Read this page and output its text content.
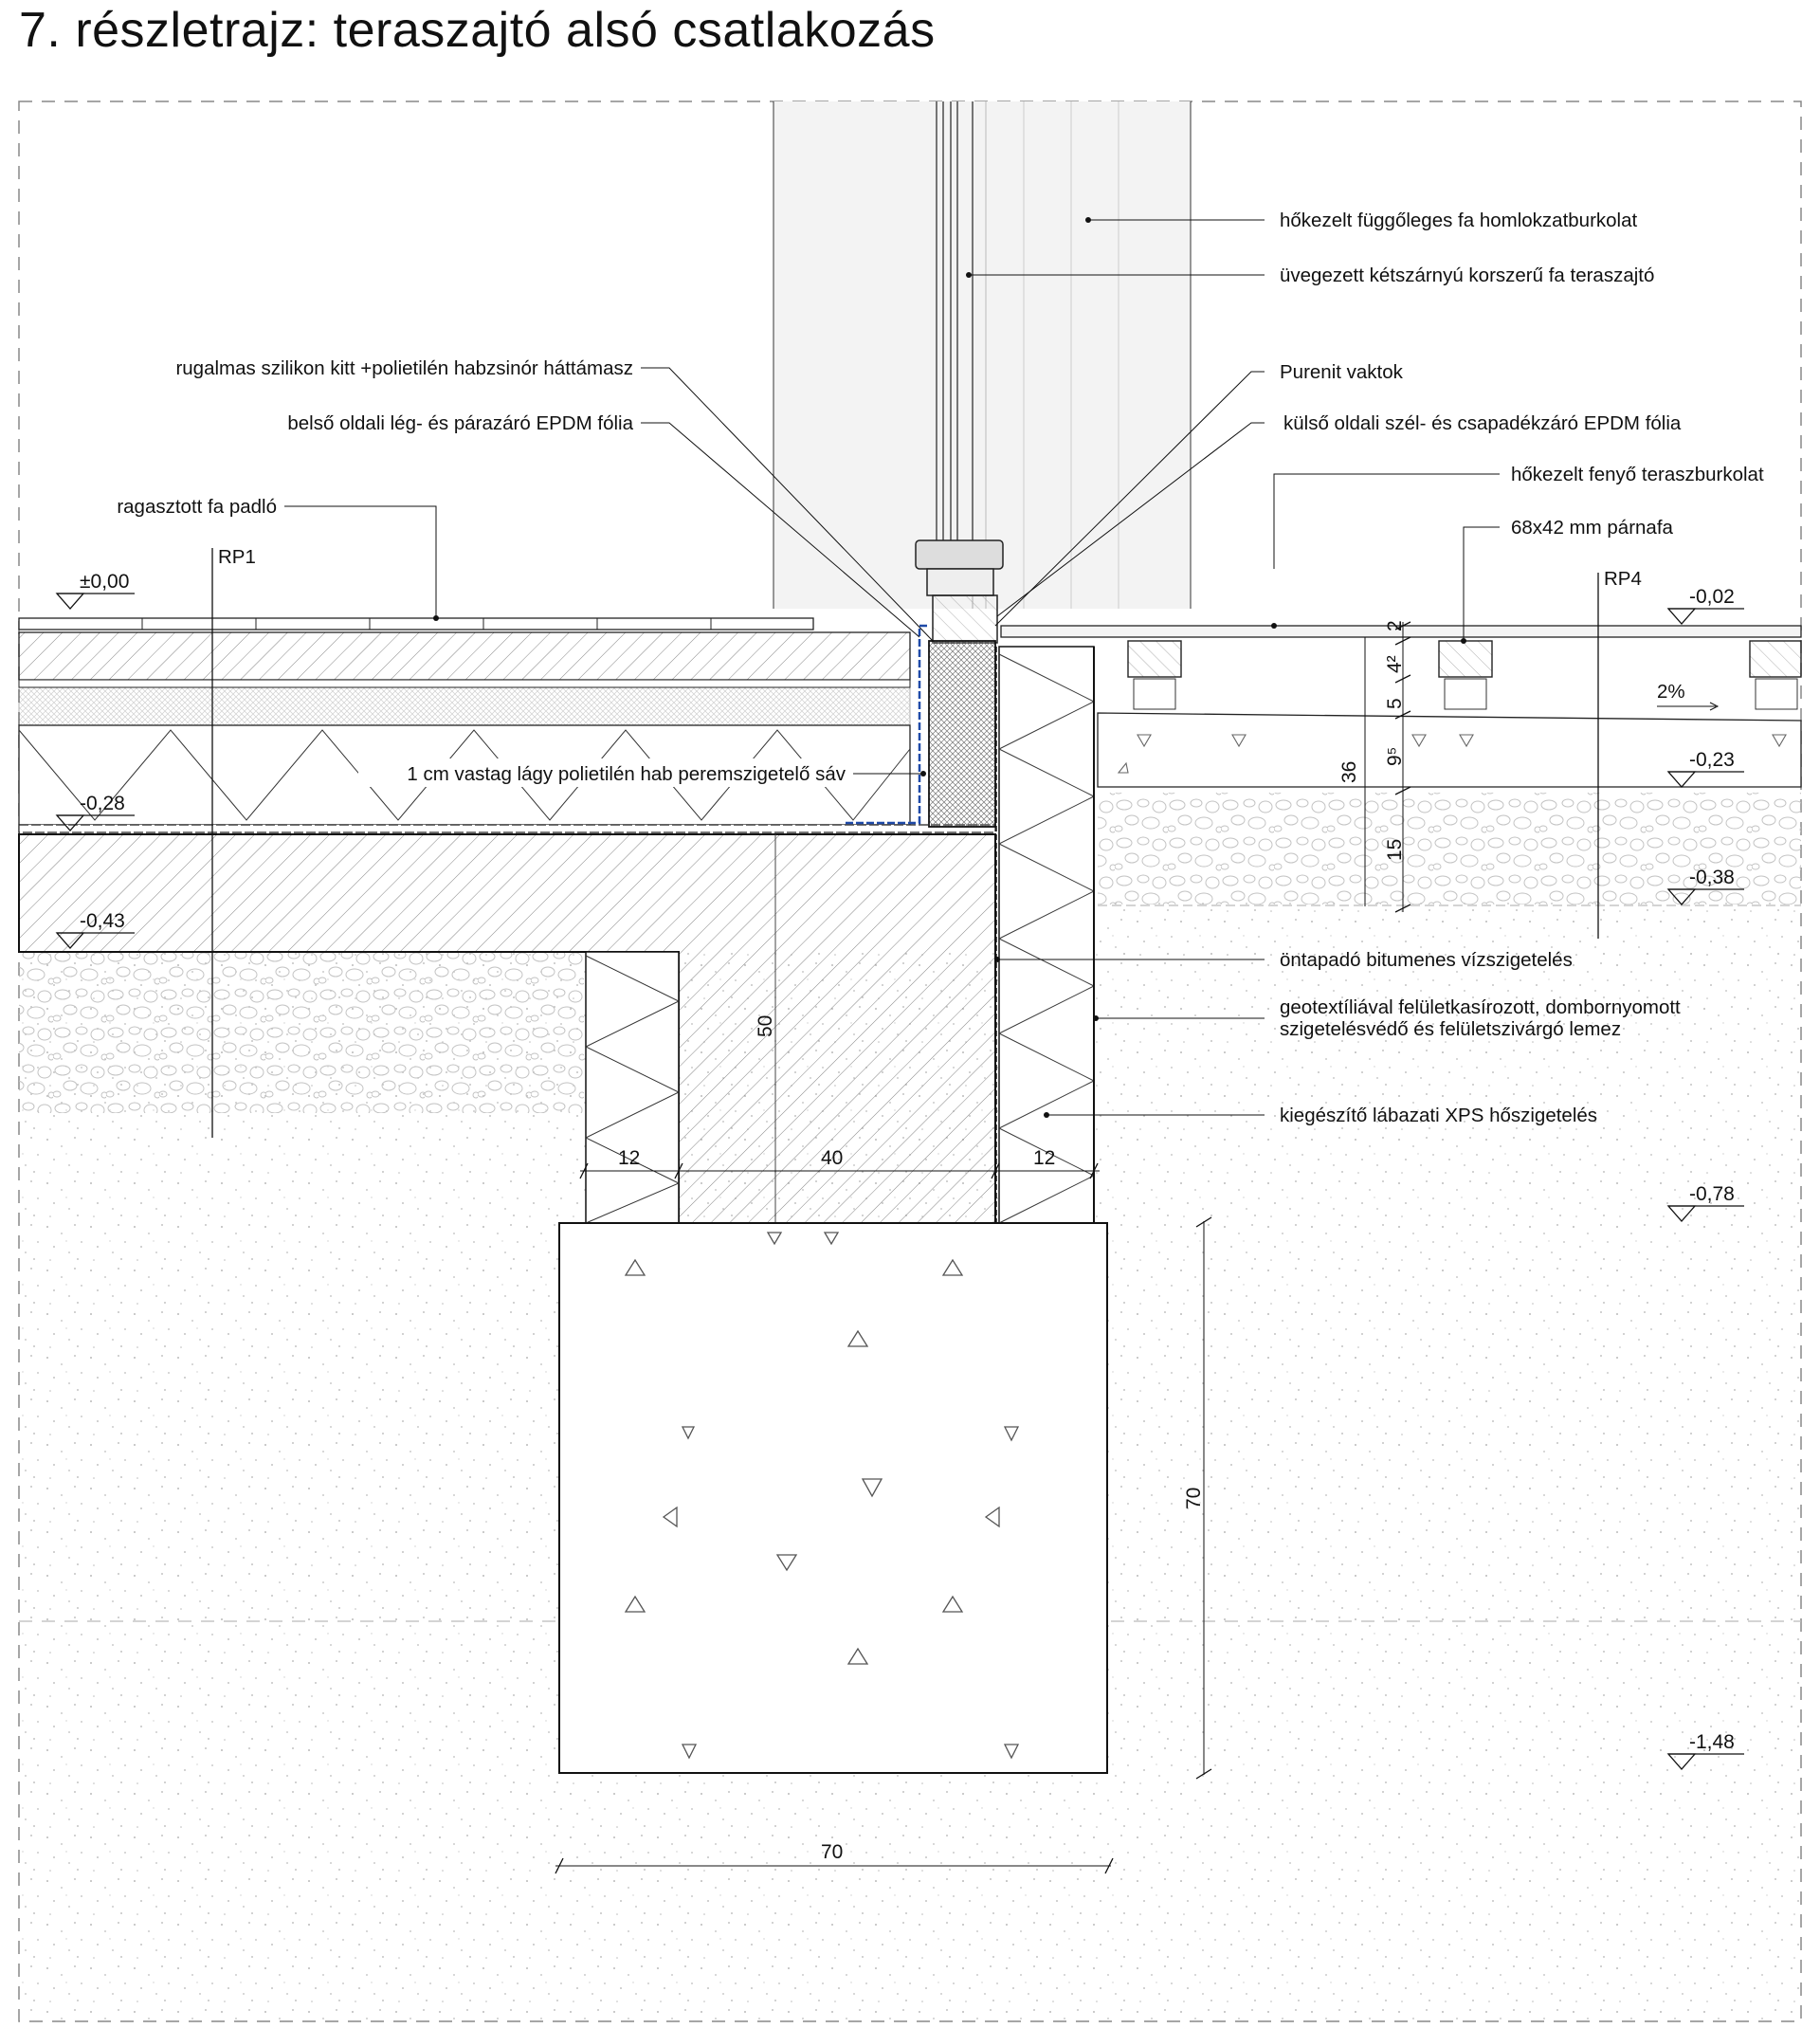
7. részletrajz: teraszajtó alsó csatlakozás
RP1
RP4
±0,00
-0,28
-0,43
-0,02
-0,23
-0,38
-0,78
-1,48
2%
2
4²
5
9⁵
15
36
12	40	12
50
70
70
hőkezelt függőleges fa homlokzatburkolat
üvegezett kétszárnyú korszerű fa teraszajtó
Purenit vaktok
külső oldali szél- és csapadékzáró EPDM fólia
hőkezelt fenyő teraszburkolat
68x42 mm párnafa
öntapadó bitumenes vízszigetelés
geotextíliával felületkasírozott, dombornyomott
szigetelésvédő és felületszivárgó lemez
kiegészítő lábazati XPS hőszigetelés
rugalmas szilikon kitt +polietilén habzsinór háttámasz
belső oldali lég- és párazáró EPDM fólia
ragasztott fa padló
1 cm vastag lágy polietilén hab peremszigetelő sáv
